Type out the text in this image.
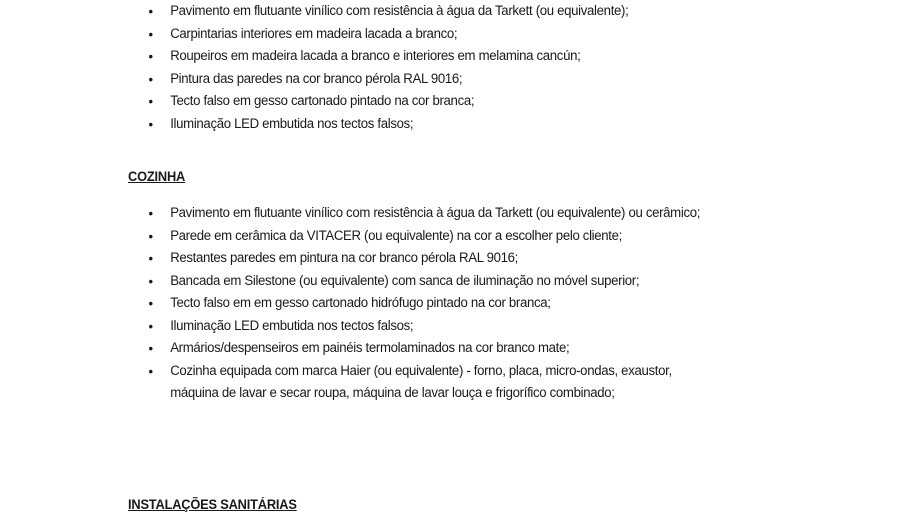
• Pavimento em flutuante vinílico com resistência à água da Tarkett (ou equivalente);
• Carpintarias interiores em madeira lacada a branco;
• Roupeiros em madeira lacada a branco e interiores em melamina cancún;
• Pintura das paredes na cor branco pérola RAL 9016;
• Tecto falso em gesso cartonado pintado na cor branca;
• Iluminação LED embutida nos tectos falsos;
COZINHA
• Pavimento em flutuante vinílico com resistência à água da Tarkett (ou equivalente) ou cerâmico;
• Parede em cerâmica da VITACER (ou equivalente) na cor a escolher pelo cliente;
• Restantes paredes em pintura na cor branco pérola RAL 9016;
• Bancada em Silestone (ou equivalente) com sanca de iluminação no móvel superior;
• Tecto falso em em gesso cartonado hidrófugo pintado na cor branca;
• Iluminação LED embutida nos tectos falsos;
• Armários/despenseiros em painéis termolaminados na cor branco mate;
• Cozinha equipada com marca Haier (ou equivalente) - forno, placa, micro-ondas, exaustor, máquina de lavar e secar roupa, máquina de lavar louça e frigorífico combinado;
INSTALAÇÕES SANITÁRIAS
